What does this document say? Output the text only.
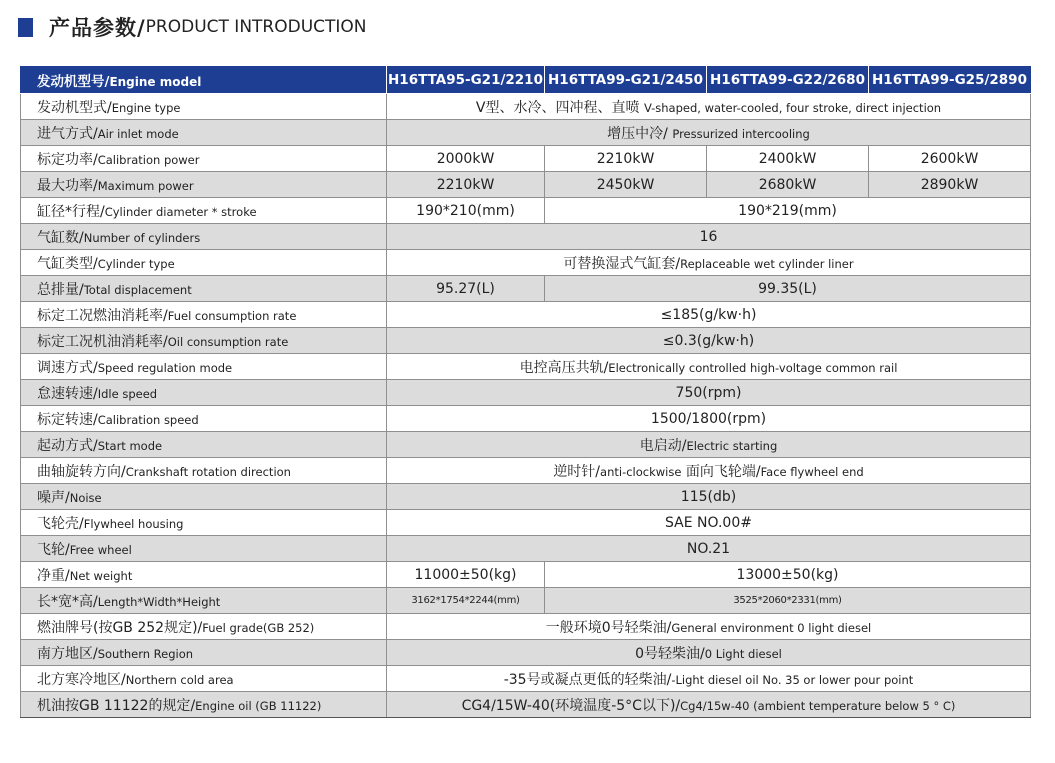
产品参数/ PRODUCT INTRODUCTION
发动机型号/Engine model	H16TTA95-G21/2210	H16TTA99-G21/2450	H16TTA99-G22/2680	H16TTA99-G25/2890
发动机型式/Engine type	V型、水冷、四冲程、直喷 V-shaped, water-cooled, four stroke, direct injection			
进气方式/Air inlet mode	增压中冷/ Pressurized intercooling			
标定功率/Calibration power	2000kW	2210kW	2400kW	2600kW
最大功率/Maximum power	2210kW	2450kW	2680kW	2890kW
缸径*行程/Cylinder diameter * stroke	190*210(mm)	190*219(mm)		
气缸数/Number of cylinders	16			
气缸类型/Cylinder type	可替换湿式气缸套/Replaceable wet cylinder liner			
总排量/Total displacement	95.27(L)	99.35(L)		
标定工况燃油消耗率/Fuel consumption rate	≤185(g/kw·h)			
标定工况机油消耗率/Oil consumption rate	≤0.3(g/kw·h)			
调速方式/Speed regulation mode	电控高压共轨/Electronically controlled high-voltage common rail			
怠速转速/Idle speed	750(rpm)			
标定转速/Calibration speed	1500/1800(rpm)			
起动方式/Start mode	电启动/Electric starting			
曲轴旋转方向/Crankshaft rotation direction	逆时针/anti-clockwise 面向飞轮端/Face flywheel end			
噪声/Noise	115(db)			
飞轮壳/Flywheel housing	SAE NO.00#			
飞轮/Free wheel	NO.21			
净重/Net weight	11000±50(kg)	13000±50(kg)		
长*宽*高/Length*Width*Height	3162*1754*2244(mm)	3525*2060*2331(mm)		
燃油牌号(按GB 252规定)/Fuel grade(GB 252)	一般环境0号轻柴油/General environment 0 light diesel			
南方地区/Southern Region	0号轻柴油/0 Light diesel			
北方寒冷地区/Northern cold area	-35号或凝点更低的轻柴油/-Light diesel oil No. 35 or lower pour point			
机油按GB 11122的规定/Engine oil (GB 11122)	CG4/15W-40(环境温度-5°C以下)/Cg4/15w-40 (ambient temperature below 5 ° C)			
